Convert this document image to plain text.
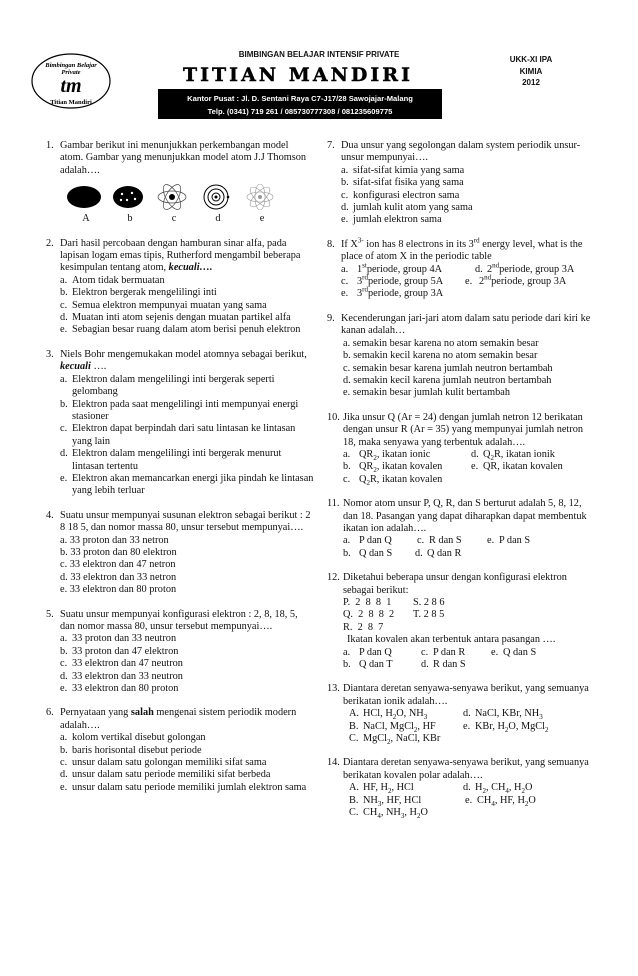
BIMBINGAN BELAJAR INTENSIF PRIVATE
Bimbingan Belajar
Private
tm
Titian Mandiri
TITIAN MANDIRI
Kantor Pusat : Jl. D. Sentani Raya C7-J17/28 Sawojajar-Malang
Telp. (0341) 719 261 / 085730777308 / 081235609775
UKK-XI IPA
KIMIA
2012
1. Gambar berikut ini menunjukkan perkembangan model atom. Gambar yang menunjukkan model atom J.J Thomson adalah….
A	b	c	d	e
2. Dari hasil percobaan dengan hamburan sinar alfa, pada lapisan logam emas tipis, Rutherford mengambil beberapa kesimpulan tentang atom, kecuali….
a. Atom tidak bermuatan
b. Elektron bergerak mengelilingi inti
c. Semua elektron mempunyai muatan yang sama
d. Muatan inti atom sejenis dengan muatan partikel alfa
e. Sebagian besar ruang dalam atom berisi penuh elektron
3. Niels Bohr mengemukakan model atomnya sebagai berikut, kecuali ….
a. Elektron dalam mengelilingi inti bergerak seperti gelombang
b. Elektron pada saat mengelilingi inti mempunyai energi stasioner
c. Elektron dapat berpindah dari satu lintasan ke lintasan yang lain
d. Elektron dalam mengelilingi inti bergerak menurut lintasan tertentu
e. Elektron akan memancarkan energi jika pindah ke lintasan yang lebih terluar
4. Suatu unsur mempunyai susunan elektron sebagai berikut : 2 8 18 5, dan nomor massa 80, unsur tersebut mempunyai….
a. 33 proton dan 33 netron
b. 33 proton dan 80 elektron
c. 33 elektron dan 47 netron
d. 33 elektron dan 33 netron
e. 33 elektron dan 80 proton
5. Suatu unsur mempunyai konfigurasi elektron : 2, 8, 18, 5, dan nomor massa 80, unsur tersebut mempunyai….
a. 33 proton dan 33 neutron
b. 33 proton dan 47 elektron
c. 33 elektron dan 47 neutron
d. 33 elektron dan 33 neutron
e. 33 elektron dan 80 proton
6. Pernyataan yang salah mengenai sistem periodik modern adalah….
a. kolom vertikal disebut golongan
b. baris horisontal disebut periode
c. unsur dalam satu golongan memiliki sifat sama
d. unsur dalam satu periode memiliki sifat berbeda
e. unsur dalam satu periode memiliki jumlah elektron sama
7. Dua unsur yang segolongan dalam system periodik unsur-unsur mempunyai….
a. sifat-sifat kimia yang sama
b. sifat-sifat fisika yang sama
c. konfigurasi electron sama
d. jumlah kulit atom yang sama
e. jumlah elektron sama
8. If $X^{3-}$ ion has 8 electrons in its 3rd energy level, what is the place of atom X in the periodic table
a. 1stperiode, group 4A	d. 2ndperiode, group 3A
c. 3rdperiode, group 5A	e. 2ndperiode, group 3A
e. 3rdperiode, group 3A
9. Kecenderungan jari-jari atom dalam satu periode dari kiri ke kanan adalah…
a. semakin besar karena no atom semakin besar
b. semakin kecil karena no atom semakin besar
c. semakin besar karena jumlah neutron bertambah
d. semakin kecil karena jumlah neutron bertambah
e. semakin besar jumlah kulit bertambah
10. Jika unsur Q (Ar = 24) dengan jumlah netron 12 berikatan dengan unsur R (Ar = 35) yang mempunyai jumlah netron 18, maka senyawa yang terbentuk adalah….
a. $QR_2$, ikatan ionic	d. $Q_2R$, ikatan ionik
b. $QR_2$, ikatan kovalen	e. QR, ikatan kovalen
c. $Q_2R$, ikatan kovalen
11. Nomor atom unsur P, Q, R, dan S berturut adalah 5, 8, 12, dan 18. Pasangan yang dapat diharapkan dapat membentuk ikatan ion adalah….
a. P dan Q	c. R dan S	e. P dan S
b. Q dan S	d. Q dan R
12. Diketahui beberapa unsur dengan konfigurasi elektron sebagai berikut:
P.  2  8  8  1	S. 2 8 6
Q.  2  8  8  2	T. 2 8 5
R.  2  8  7
Ikatan kovalen akan terbentuk antara pasangan ….
a. P dan Q	c. P dan R	e. Q dan S
b. Q dan T	d. R dan S
13. Diantara deretan senyawa-senyawa berikut, yang semuanya berikatan ionik adalah….
A. HCl, $H_2O$, $NH_3$	d. NaCl, KBr, $NH_3$
B. NaCl, MgCl$_2$, HF	e. KBr, $H_2O$, MgCl$_2$
C. MgCl$_2$, NaCl, KBr
14. Diantara deretan senyawa-senyawa berikut, yang semuanya berikatan kovalen polar adalah….
A. HF, $H_2$, HCl	d. $H_2$, $CH_4$, $H_2O$
B. $NH_3$, HF, HCl	e. $CH_4$, HF, $H_2O$
C. $CH_4$, $NH_3$, $H_2O$
